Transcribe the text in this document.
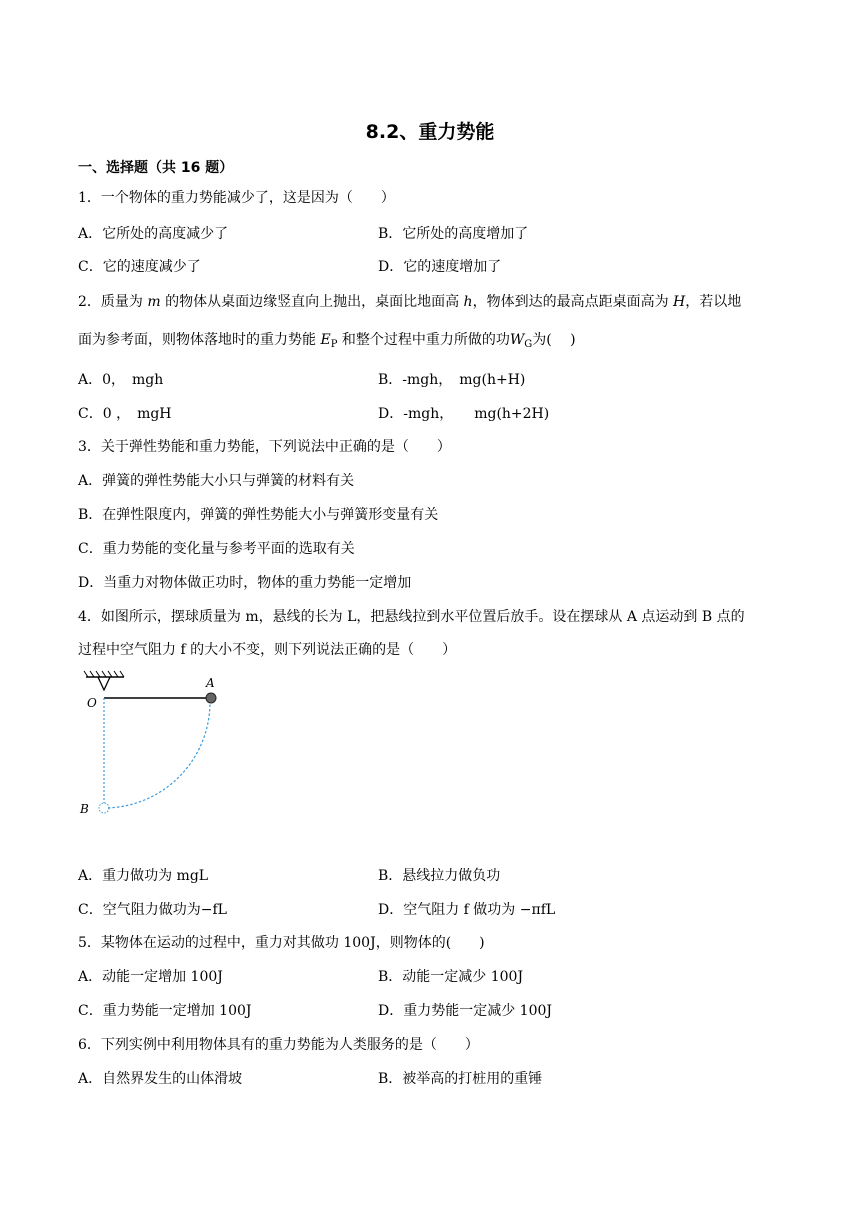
8.2、重力势能
一、选择题（共 16 题）
1．一个物体的重力势能减少了，这是因为（　　）
A．它所处的高度减少了	B．它所处的高度增加了
C．它的速度减少了	D．它的速度增加了
2．质量为 m 的物体从桌面边缘竖直向上抛出，桌面比地面高 h，物体到达的最高点距桌面高为 H，若以地
面为参考面，则物体落地时的重力势能 $E_P$ 和整个过程中重力所做的功$W_G$为(　 )
A．0，　mgh	B．-mgh，　mg(h+H)
C．0 ，　mgH	D．-mgh，　　mg(h+2H)
3．关于弹性势能和重力势能，下列说法中正确的是（　　）
A．弹簧的弹性势能大小只与弹簧的材料有关
B．在弹性限度内，弹簧的弹性势能大小与弹簧形变量有关
C．重力势能的变化量与参考平面的选取有关
D．当重力对物体做正功时，物体的重力势能一定增加
4．如图所示，摆球质量为 m，悬线的长为 L，把悬线拉到水平位置后放手。设在摆球从 A 点运动到 B 点的
过程中空气阻力 f 的大小不变，则下列说法正确的是（　　）
A
O
B
A．重力做功为 mgL	B．悬线拉力做负功
C．空气阻力做功为−fL	D．空气阻力 f 做功为 −πfL
5．某物体在运动的过程中，重力对其做功 100J，则物体的(　　)
A．动能一定增加 100J	B．动能一定减少 100J
C．重力势能一定增加 100J	D．重力势能一定减少 100J
6．下列实例中利用物体具有的重力势能为人类服务的是（　　）
A．自然界发生的山体滑坡	B．被举高的打桩用的重锤
